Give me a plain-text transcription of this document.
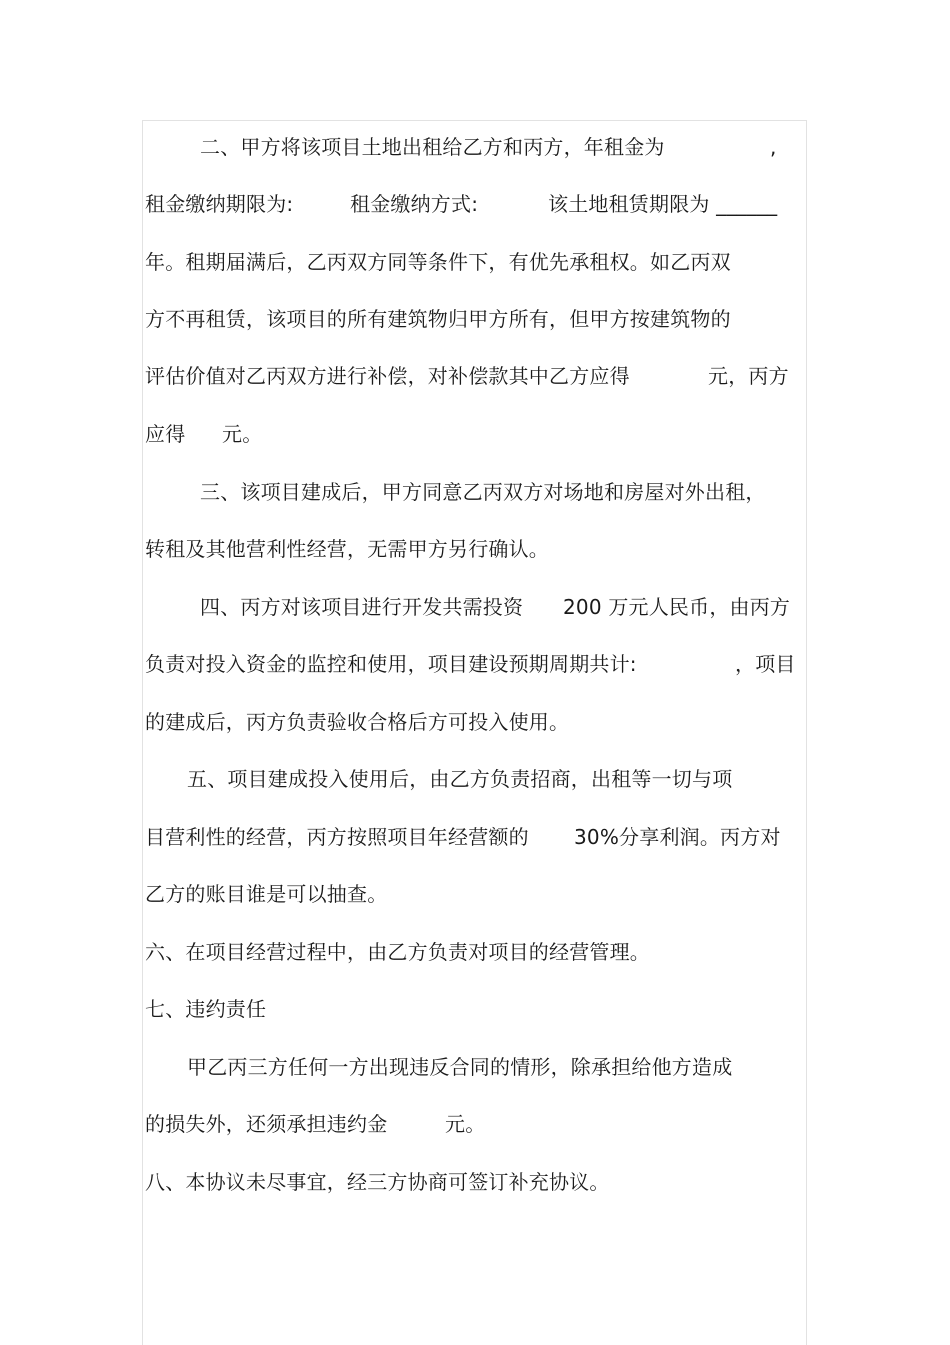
二、甲方将该项目土地出租给乙方和丙方，年租金为	,
租金缴纳期限为:	租金缴纳方式:	该土地租赁期限为 ______
年。租期届满后，乙丙双方同等条件下，有优先承租权。如乙丙双
方不再租赁，该项目的所有建筑物归甲方所有，但甲方按建筑物的
评估价值对乙丙双方进行补偿，对补偿款其中乙方应得	元，丙方
应得 元。
三、该项目建成后，甲方同意乙丙双方对场地和房屋对外出租，
转租及其他营利性经营，无需甲方另行确认。
四、丙方对该项目进行开发共需投资 200 万元人民币，由丙方
负责对投入资金的监控和使用，项目建设预期周期共计:	，项目
的建成后，丙方负责验收合格后方可投入使用。
五、项目建成投入使用后，由乙方负责招商，出租等一切与项
目营利性的经营，丙方按照项目年经营额的 30%分享利润。丙方对
乙方的账目谁是可以抽查。
六、在项目经营过程中，由乙方负责对项目的经营管理。
七、违约责任
甲乙丙三方任何一方出现违反合同的情形，除承担给他方造成
的损失外，还须承担违约金	元。
八、本协议未尽事宜，经三方协商可签订补充协议。
